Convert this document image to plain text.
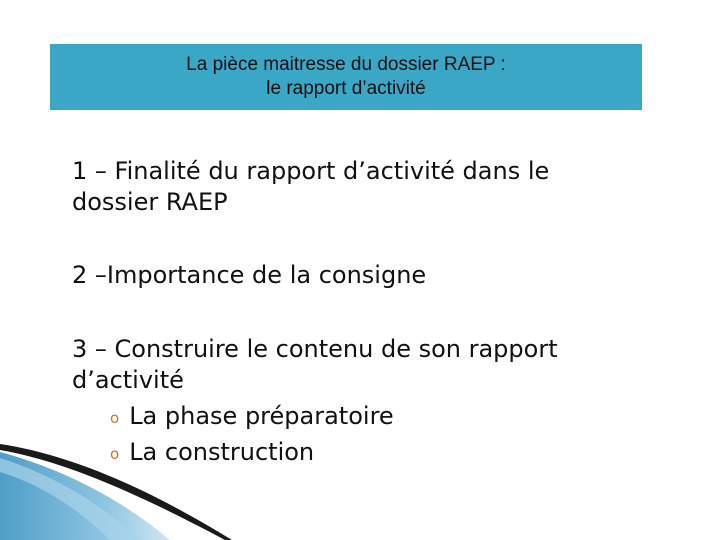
La pièce maitresse du dossier RAEP :
le rapport d’activité
1 – Finalité du rapport d’activité dans le
dossier RAEP
2 –Importance de la consigne
3 – Construire le contenu de son rapport
d’activité
o La phase préparatoire
o La construction
